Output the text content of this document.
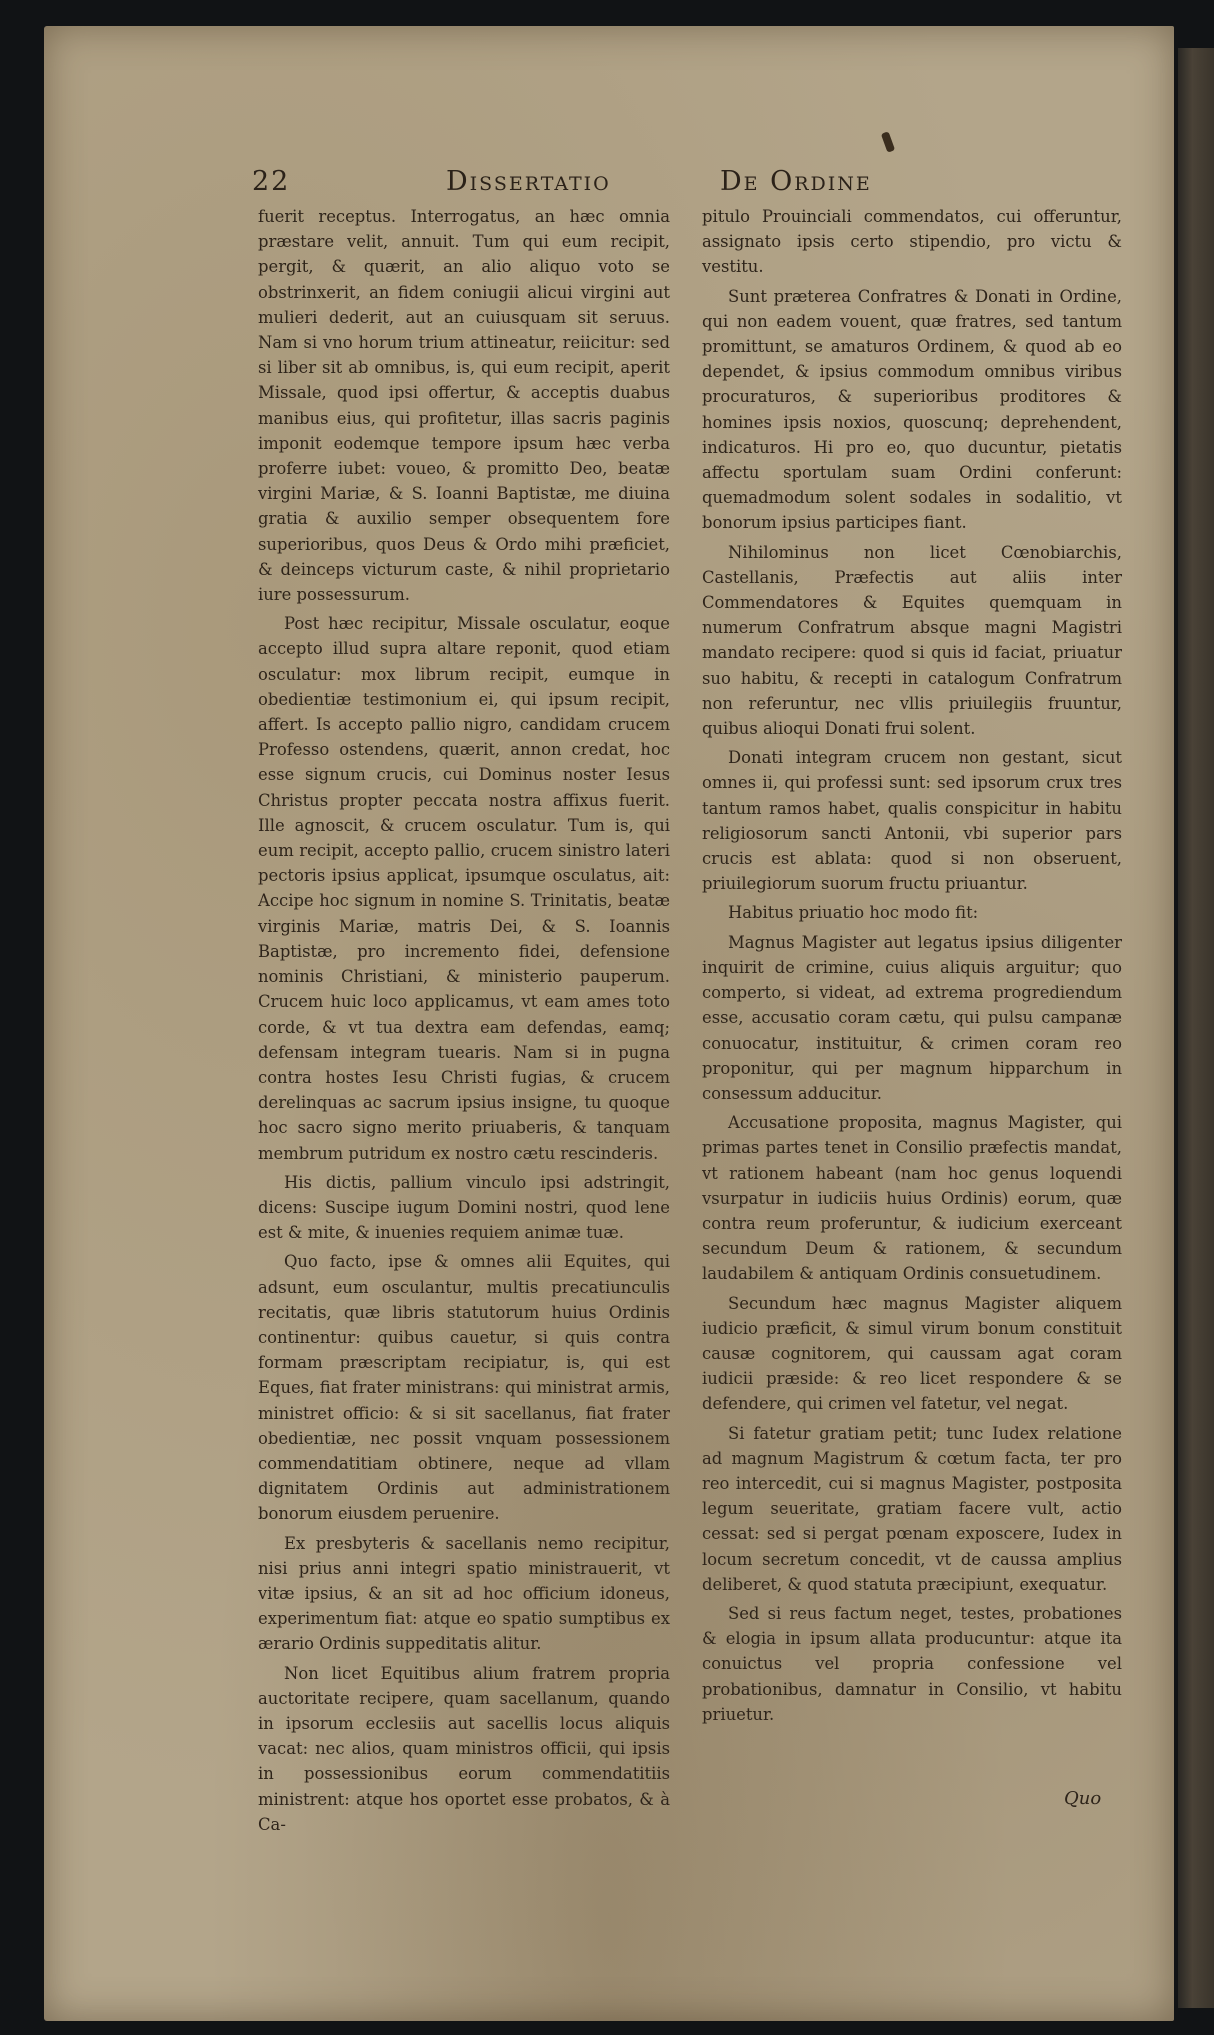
22	Dissertatio	De Ordine

fuerit receptus. Interrogatus, an hæc omnia præstare velit, annuit. Tum qui eum recipit, pergit, & quærit, an alio aliquo voto se obstrinxerit, an fidem coniugii alicui virgini aut mulieri dederit, aut an cuiusquam sit seruus. Nam si vno horum trium attineatur, reiicitur: sed si liber sit ab omnibus, is, qui eum recipit, aperit Missale, quod ipsi offertur, & acceptis duabus manibus eius, qui profitetur, illas sacris paginis imponit eodemque tempore ipsum hæc verba proferre iubet: voueo, & promitto Deo, beatæ virgini Mariæ, & S. Ioanni Baptistæ, me diuina gratia & auxilio semper obsequentem fore superioribus, quos Deus & Ordo mihi præficiet, & deinceps victurum caste, & nihil proprietario iure possessurum.

Post hæc recipitur, Missale osculatur, eoque accepto illud supra altare reponit, quod etiam osculatur: mox librum recipit, eumque in obedientiæ testimonium ei, qui ipsum recipit, affert. Is accepto pallio nigro, candidam crucem Professo ostendens, quærit, annon credat, hoc esse signum crucis, cui Dominus noster Iesus Christus propter peccata nostra affixus fuerit. Ille agnoscit, & crucem osculatur. Tum is, qui eum recipit, accepto pallio, crucem sinistro lateri pectoris ipsius applicat, ipsumque osculatus, ait: Accipe hoc signum in nomine S. Trinitatis, beatæ virginis Mariæ, matris Dei, & S. Ioannis Baptistæ, pro incremento fidei, defensione nominis Christiani, & ministerio pauperum. Crucem huic loco applicamus, vt eam ames toto corde, & vt tua dextra eam defendas, eamq; defensam integram tuearis. Nam si in pugna contra hostes Iesu Christi fugias, & crucem derelinquas ac sacrum ipsius insigne, tu quoque hoc sacro signo merito priuaberis, & tanquam membrum putridum ex nostro cætu rescinderis.

His dictis, pallium vinculo ipsi adstringit, dicens: Suscipe iugum Domini nostri, quod lene est & mite, & inuenies requiem animæ tuæ.

Quo facto, ipse & omnes alii Equites, qui adsunt, eum osculantur, multis precatiunculis recitatis, quæ libris statutorum huius Ordinis continentur: quibus cauetur, si quis contra formam præscriptam recipiatur, is, qui est Eques, fiat frater ministrans: qui ministrat armis, ministret officio: & si sit sacellanus, fiat frater obedientiæ, nec possit vnquam possessionem commendatitiam obtinere, neque ad vllam dignitatem Ordinis aut administrationem bonorum eiusdem peruenire.

Ex presbyteris & sacellanis nemo recipitur, nisi prius anni integri spatio ministrauerit, vt vitæ ipsius, & an sit ad hoc officium idoneus, experimentum fiat: atque eo spatio sumptibus ex ærario Ordinis suppeditatis alitur.

Non licet Equitibus alium fratrem propria auctoritate recipere, quam sacellanum, quando in ipsorum ecclesiis aut sacellis locus aliquis vacat: nec alios, quam ministros officii, qui ipsis in possessionibus eorum commendatitiis ministrent: atque hos oportet esse probatos, & à Ca-

pitulo Prouinciali commendatos, cui offeruntur, assignato ipsis certo stipendio, pro victu & vestitu.

Sunt præterea Confratres & Donati in Ordine, qui non eadem vouent, quæ fratres, sed tantum promittunt, se amaturos Ordinem, & quod ab eo dependet, & ipsius commodum omnibus viribus procuraturos, & superioribus proditores & homines ipsis noxios, quoscunq; deprehendent, indicaturos. Hi pro eo, quo ducuntur, pietatis affectu sportulam suam Ordini conferunt: quemadmodum solent sodales in sodalitio, vt bonorum ipsius participes fiant.

Nihilominus non licet Cœnobiarchis, Castellanis, Præfectis aut aliis inter Commendatores & Equites quemquam in numerum Confratrum absque magni Magistri mandato recipere: quod si quis id faciat, priuatur suo habitu, & recepti in catalogum Confratrum non referuntur, nec vllis priuilegiis fruuntur, quibus alioqui Donati frui solent.

Donati integram crucem non gestant, sicut omnes ii, qui professi sunt: sed ipsorum crux tres tantum ramos habet, qualis conspicitur in habitu religiosorum sancti Antonii, vbi superior pars crucis est ablata: quod si non obseruent, priuilegiorum suorum fructu priuantur.

Habitus priuatio hoc modo fit:

Magnus Magister aut legatus ipsius diligenter inquirit de crimine, cuius aliquis arguitur; quo comperto, si videat, ad extrema progrediendum esse, accusatio coram cætu, qui pulsu campanæ conuocatur, instituitur, & crimen coram reo proponitur, qui per magnum hipparchum in consessum adducitur.

Accusatione proposita, magnus Magister, qui primas partes tenet in Consilio præfectis mandat, vt rationem habeant (nam hoc genus loquendi vsurpatur in iudiciis huius Ordinis) eorum, quæ contra reum proferuntur, & iudicium exerceant secundum Deum & rationem, & secundum laudabilem & antiquam Ordinis consuetudinem.

Secundum hæc magnus Magister aliquem iudicio præficit, & simul virum bonum constituit causæ cognitorem, qui caussam agat coram iudicii præside: & reo licet respondere & se defendere, qui crimen vel fatetur, vel negat.

Si fatetur gratiam petit; tunc Iudex relatione ad magnum Magistrum & cœtum facta, ter pro reo intercedit, cui si magnus Magister, postposita legum seueritate, gratiam facere vult, actio cessat: sed si pergat pœnam exposcere, Iudex in locum secretum concedit, vt de caussa amplius deliberet, & quod statuta præcipiunt, exequatur.

Sed si reus factum neget, testes, probationes & elogia in ipsum allata producuntur: atque ita conuictus vel propria confessione vel probationibus, damnatur in Consilio, vt habitu priuetur.

Quo
